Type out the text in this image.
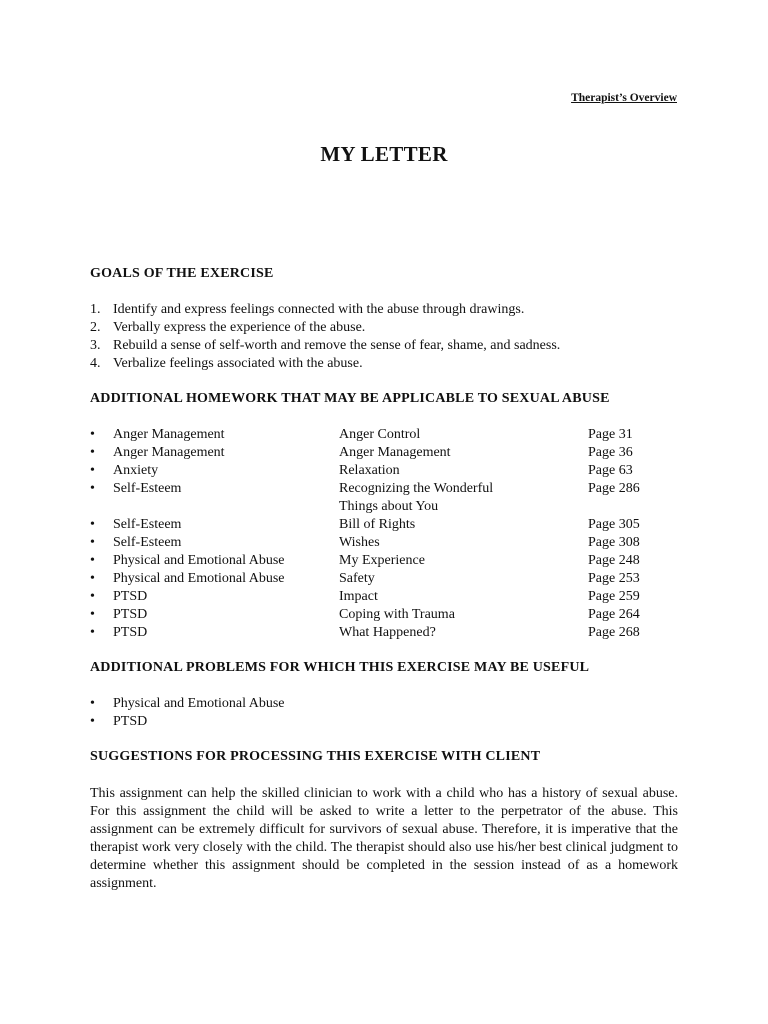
Therapist’s Overview
MY LETTER
GOALS OF THE EXERCISE
1. Identify and express feelings connected with the abuse through drawings.
2. Verbally express the experience of the abuse.
3. Rebuild a sense of self-worth and remove the sense of fear, shame, and sadness.
4. Verbalize feelings associated with the abuse.
ADDITIONAL HOMEWORK THAT MAY BE APPLICABLE TO SEXUAL ABUSE
•	Anger Management	Anger Control	Page 31
•	Anger Management	Anger Management	Page 36
•	Anxiety	Relaxation	Page 63
•	Self-Esteem	Recognizing the Wonderful	Page 286
Things about You
•	Self-Esteem	Bill of Rights	Page 305
•	Self-Esteem	Wishes	Page 308
•	Physical and Emotional Abuse	My Experience	Page 248
•	Physical and Emotional Abuse	Safety	Page 253
•	PTSD	Impact	Page 259
•	PTSD	Coping with Trauma	Page 264
•	PTSD	What Happened?	Page 268
ADDITIONAL PROBLEMS FOR WHICH THIS EXERCISE MAY BE USEFUL
•	Physical and Emotional Abuse
•	PTSD
SUGGESTIONS FOR PROCESSING THIS EXERCISE WITH CLIENT

This assignment can help the skilled clinician to work with a child who has a history of sexual abuse. For this assignment the child will be asked to write a letter to the perpetrator of the abuse. This assignment can be extremely difficult for survivors of sexual abuse. Therefore, it is imperative that the therapist work very closely with the child. The therapist should also use his/her best clinical judgment to determine whether this assignment should be completed in the session instead of as a homework assignment.
